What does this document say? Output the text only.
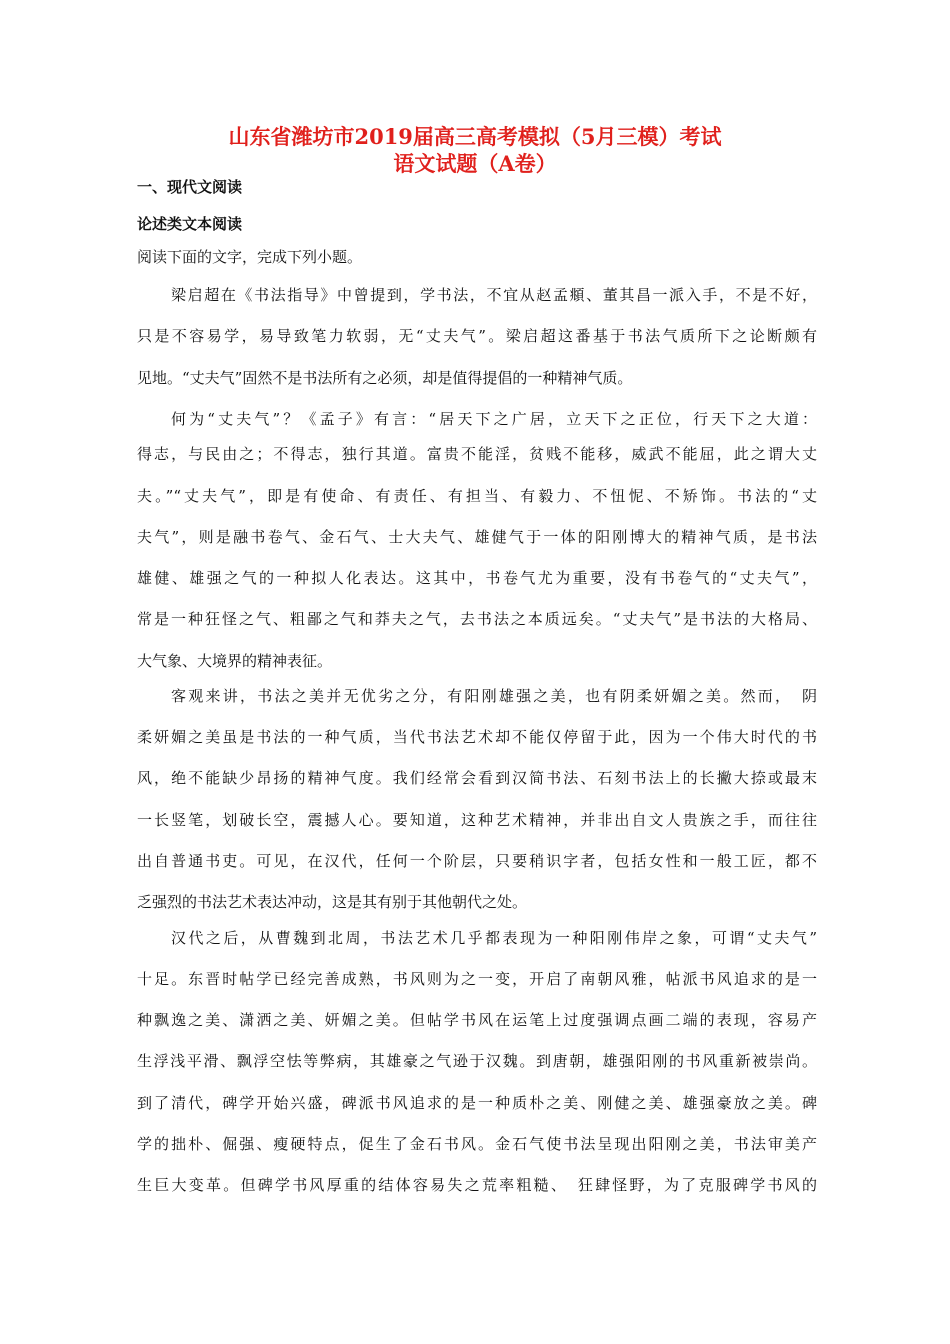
山东省潍坊市2019届高三高考模拟（5月三模）考试
语文试题（A卷）
一、现代文阅读
论述类文本阅读
阅读下面的文字，完成下列小题。
梁启超在《书法指导》中曾提到，学书法，不宜从赵孟頫、董其昌一派入手，不是不好，
只是不容易学，易导致笔力软弱，无“丈夫气”。梁启超这番基于书法气质所下之论断颇有
见地。“丈夫气”固然不是书法所有之必须，却是值得提倡的一种精神气质。
何为“丈夫气”？《孟子》有言：“居天下之广居，立天下之正位，行天下之大道：
得志，与民由之；不得志，独行其道。富贵不能淫，贫贱不能移，威武不能屈，此之谓大丈
夫。”“丈夫气”，即是有使命、有责任、有担当、有毅力、不忸怩、不矫饰。书法的“丈
夫气”，则是融书卷气、金石气、士大夫气、雄健气于一体的阳刚博大的精神气质，是书法
雄健、雄强之气的一种拟人化表达。这其中，书卷气尤为重要，没有书卷气的“丈夫气”，
常是一种狂怪之气、粗鄙之气和莽夫之气，去书法之本质远矣。“丈夫气”是书法的大格局、
大气象、大境界的精神表征。
客观来讲，书法之美并无优劣之分，有阳刚雄强之美，也有阴柔妍媚之美。然而，　阴
柔妍媚之美虽是书法的一种气质，当代书法艺术却不能仅停留于此，因为一个伟大时代的书
风，绝不能缺少昂扬的精神气度。我们经常会看到汉简书法、石刻书法上的长撇大捺或最末
一长竖笔，划破长空，震撼人心。要知道，这种艺术精神，并非出自文人贵族之手，而往往
出自普通书吏。可见，在汉代，任何一个阶层，只要稍识字者，包括女性和一般工匠，都不
乏强烈的书法艺术表达冲动，这是其有别于其他朝代之处。
汉代之后，从曹魏到北周，书法艺术几乎都表现为一种阳刚伟岸之象，可谓“丈夫气”
十足。东晋时帖学已经完善成熟，书风则为之一变，开启了南朝风雅，帖派书风追求的是一
种飘逸之美、潇洒之美、妍媚之美。但帖学书风在运笔上过度强调点画二端的表现，容易产
生浮浅平滑、飘浮空怯等弊病，其雄豪之气逊于汉魏。到唐朝，雄强阳刚的书风重新被崇尚。
到了清代，碑学开始兴盛，碑派书风追求的是一种质朴之美、刚健之美、雄强豪放之美。碑
学的拙朴、倔强、瘦硬特点，促生了金石书风。金石气使书法呈现出阳刚之美，书法审美产
生巨大变革。但碑学书风厚重的结体容易失之荒率粗糙、　狂肆怪野，为了克服碑学书风的
